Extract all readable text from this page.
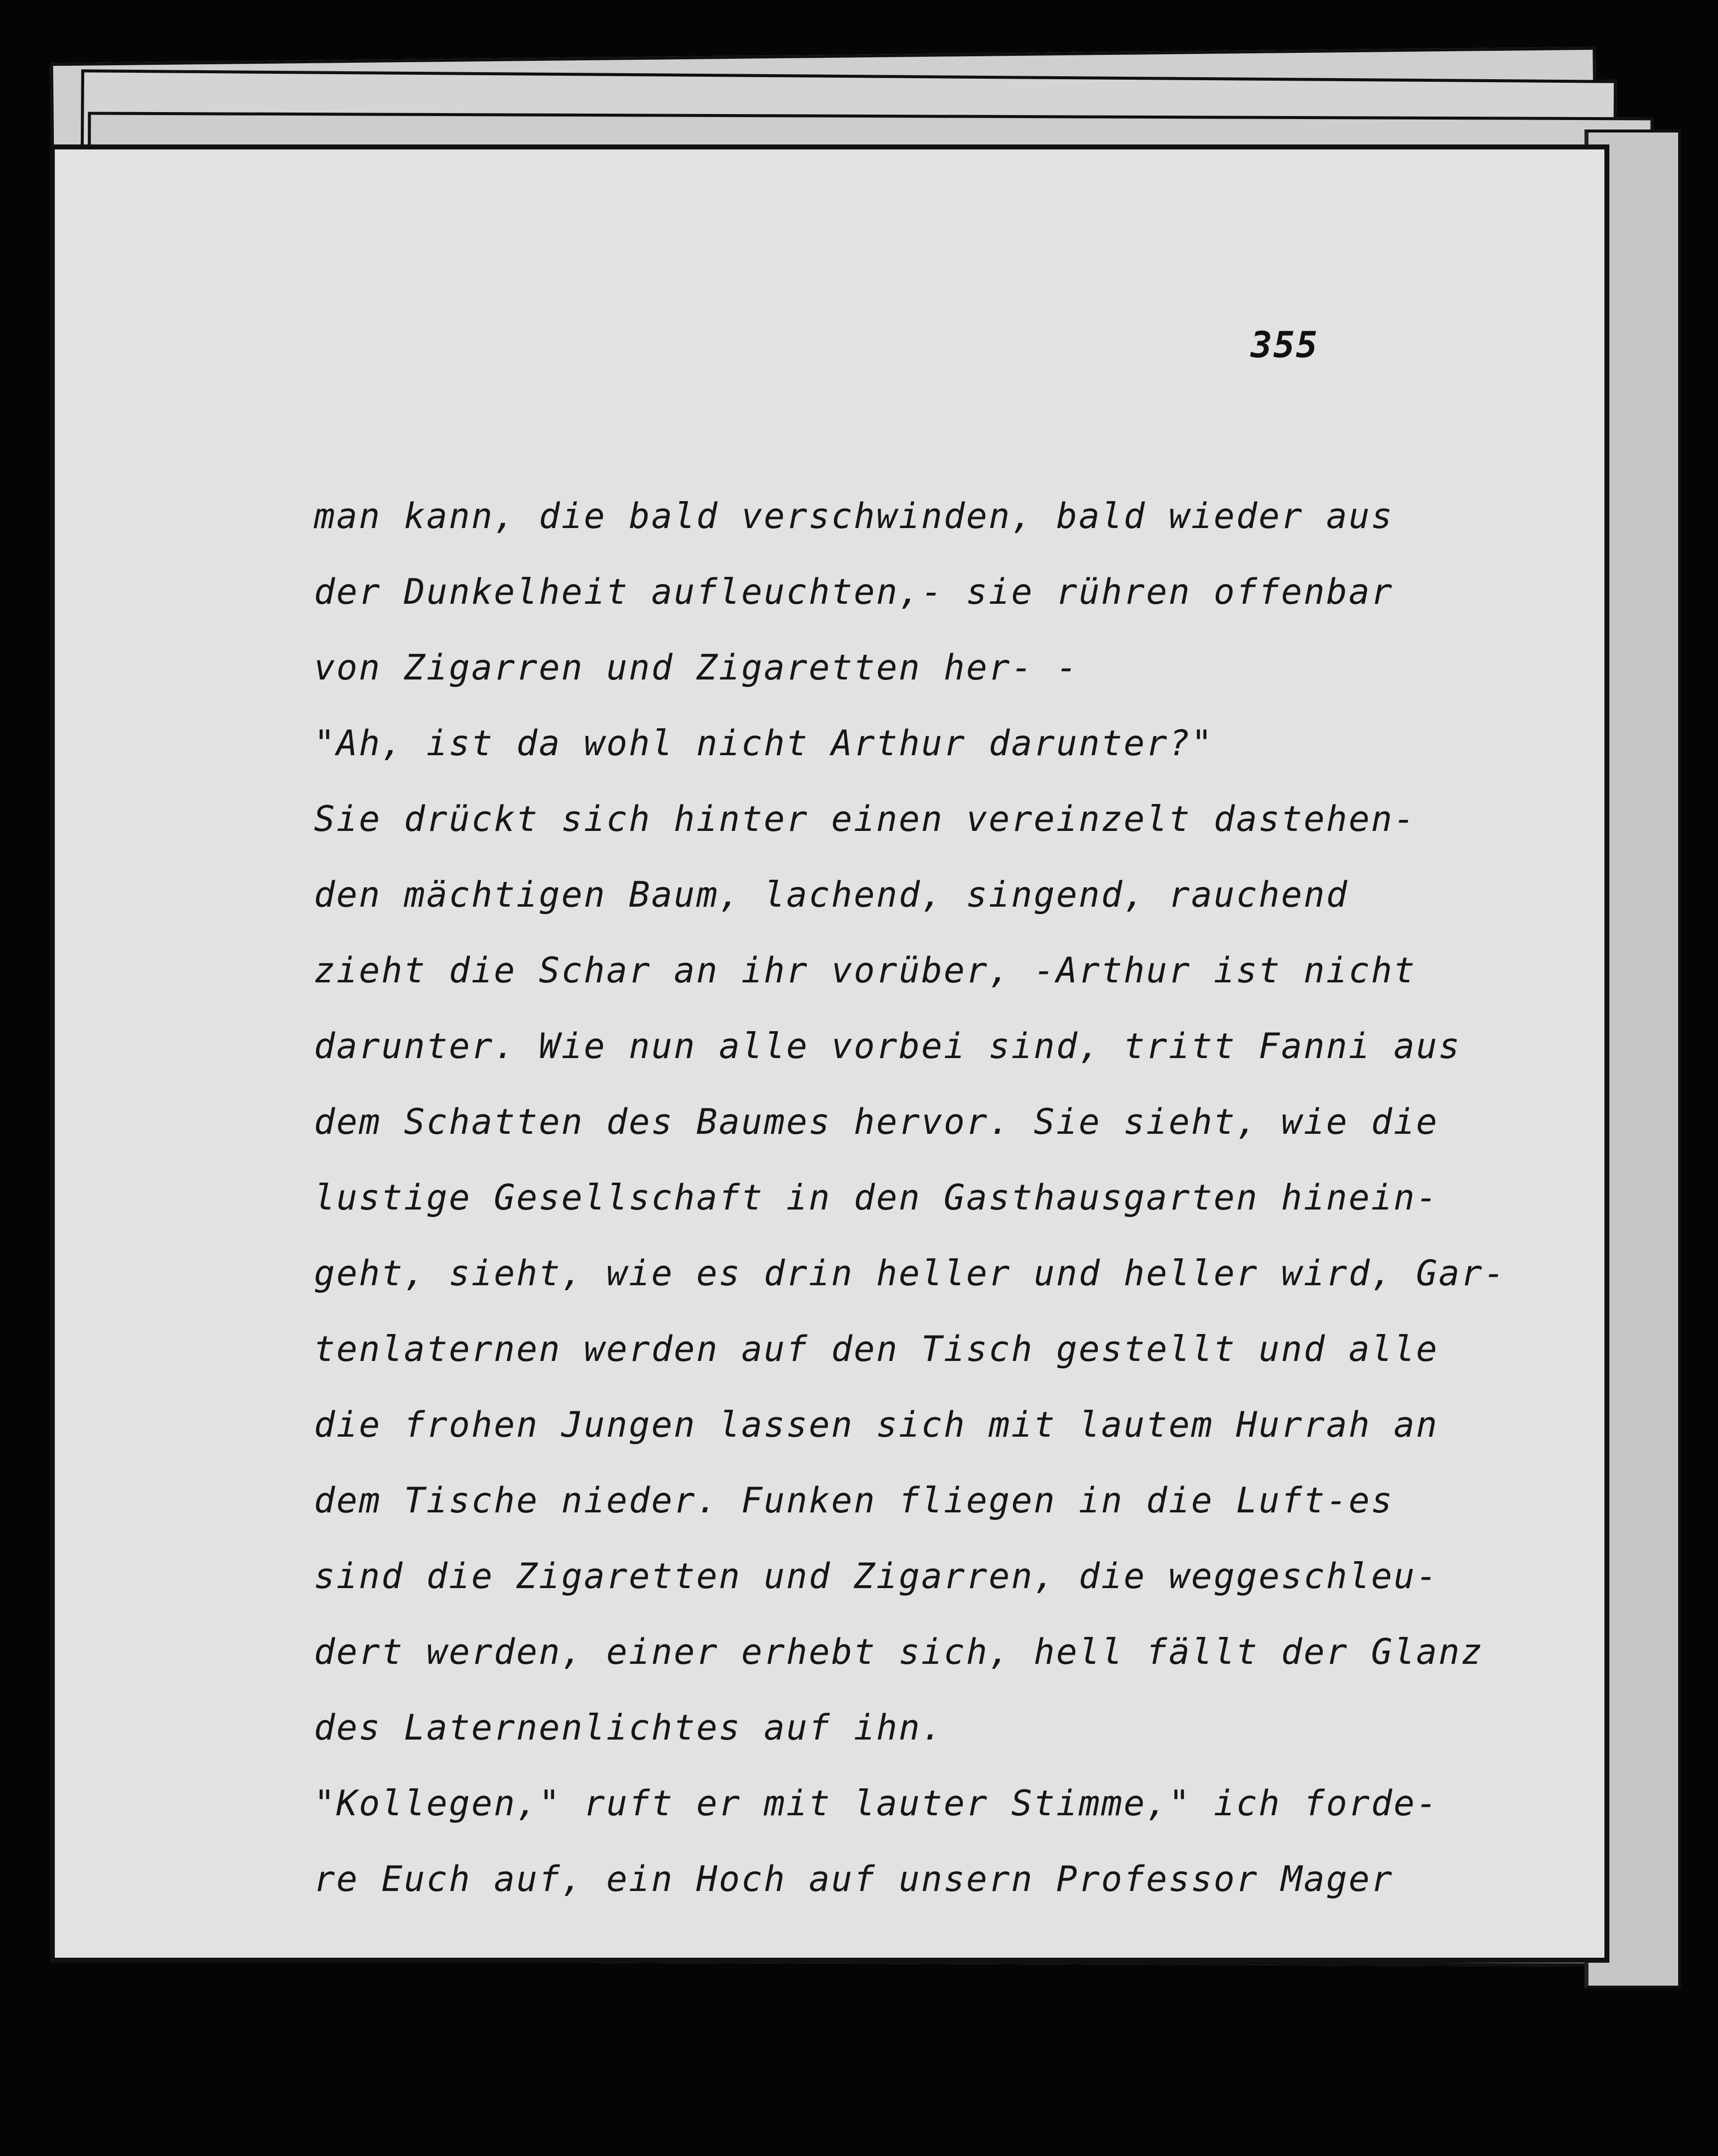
355
man kann, die bald verschwinden, bald wieder aus
der Dunkelheit aufleuchten,- sie rühren offenbar
von Zigarren und Zigaretten her- -
"Ah, ist da wohl nicht Arthur darunter?"
Sie drückt sich hinter einen vereinzelt dastehen-
den mächtigen Baum, lachend, singend, rauchend
zieht die Schar an ihr vorüber, -Arthur ist nicht
darunter. Wie nun alle vorbei sind, tritt Fanni aus
dem Schatten des Baumes hervor. Sie sieht, wie die
lustige Gesellschaft in den Gasthausgarten hinein-
geht, sieht, wie es drin heller und heller wird, Gar-
tenlaternen werden auf den Tisch gestellt und alle
die frohen Jungen lassen sich mit lautem Hurrah an
dem Tische nieder. Funken fliegen in die Luft-es
sind die Zigaretten und Zigarren, die weggeschleu-
dert werden, einer erhebt sich, hell fällt der Glanz
des Laternenlichtes auf ihn.
"Kollegen," ruft er mit lauter Stimme," ich forde-
re Euch auf, ein Hoch auf unsern Professor Mager
